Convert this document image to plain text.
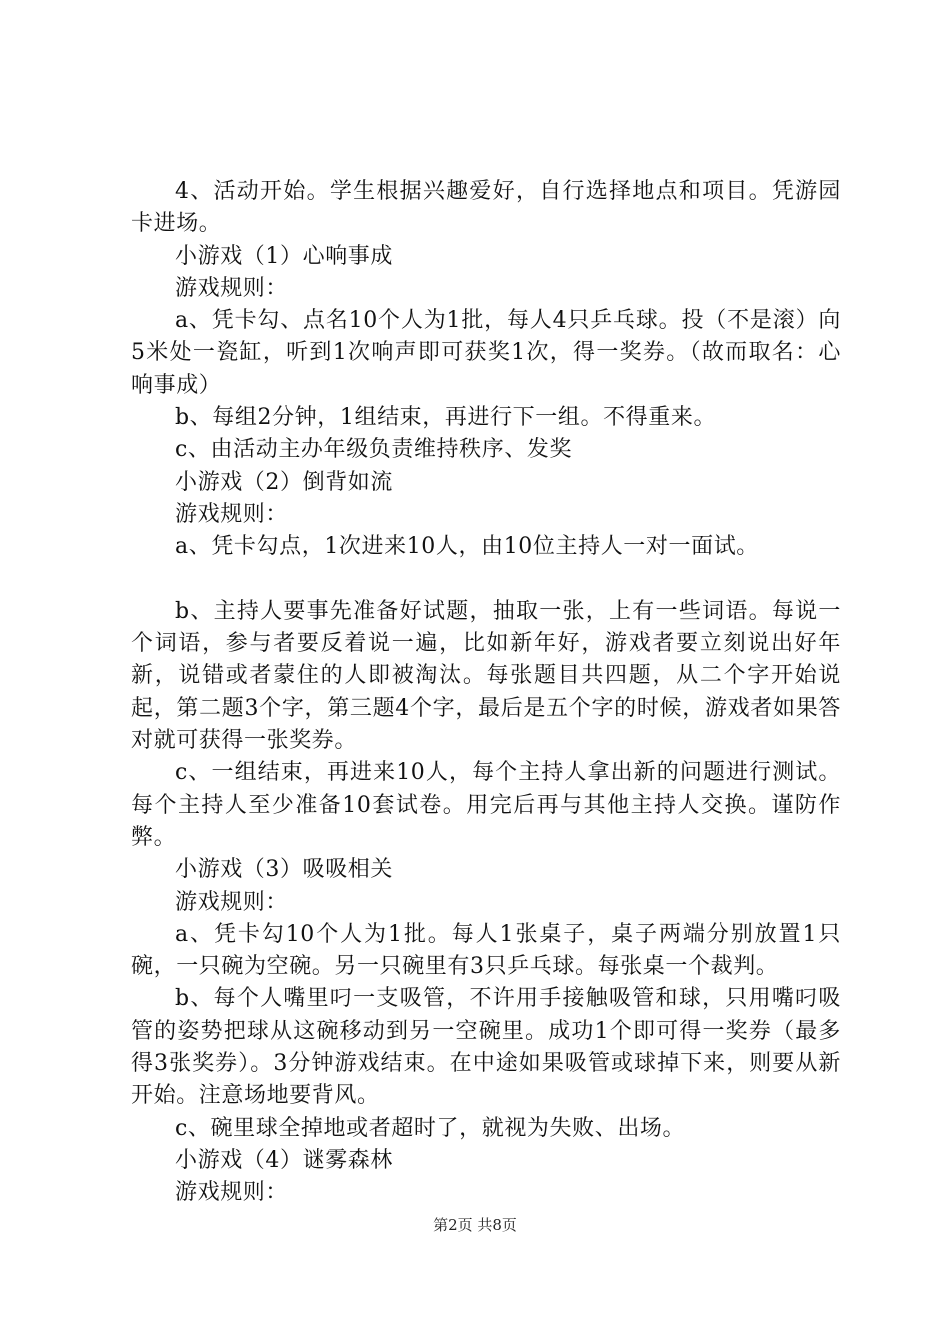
4、活动开始。学生根据兴趣爱好，自行选择地点和项目。凭游园卡进场。

小游戏（1）心响事成

游戏规则：

a、凭卡勾、点名10个人为1批，每人4只乒乓球。投（不是滚）向5米处一瓷缸，听到1次响声即可获奖1次，得一奖券。（故而取名：心响事成）

b、每组2分钟，1组结束，再进行下一组。不得重来。

c、由活动主办年级负责维持秩序、发奖

小游戏（2）倒背如流

游戏规则：

a、凭卡勾点，1次进来10人，由10位主持人一对一面试。

b、主持人要事先准备好试题，抽取一张，上有一些词语。每说一个词语，参与者要反着说一遍，比如新年好，游戏者要立刻说出好年新，说错或者蒙住的人即被淘汰。每张题目共四题，从二个字开始说起，第二题3个字，第三题4个字，最后是五个字的时候，游戏者如果答对就可获得一张奖券。

c、一组结束，再进来10人，每个主持人拿出新的问题进行测试。每个主持人至少准备10套试卷。用完后再与其他主持人交换。谨防作弊。

小游戏（3）吸吸相关

游戏规则：

a、凭卡勾10个人为1批。每人1张桌子，桌子两端分别放置1只碗，一只碗为空碗。另一只碗里有3只乒乓球。每张桌一个裁判。

b、每个人嘴里叼一支吸管，不许用手接触吸管和球，只用嘴叼吸管的姿势把球从这碗移动到另一空碗里。成功1个即可得一奖券（最多得3张奖券）。3分钟游戏结束。在中途如果吸管或球掉下来，则要从新开始。注意场地要背风。

c、碗里球全掉地或者超时了，就视为失败、出场。

小游戏（4）谜雾森林

游戏规则：

第2页 共8页
